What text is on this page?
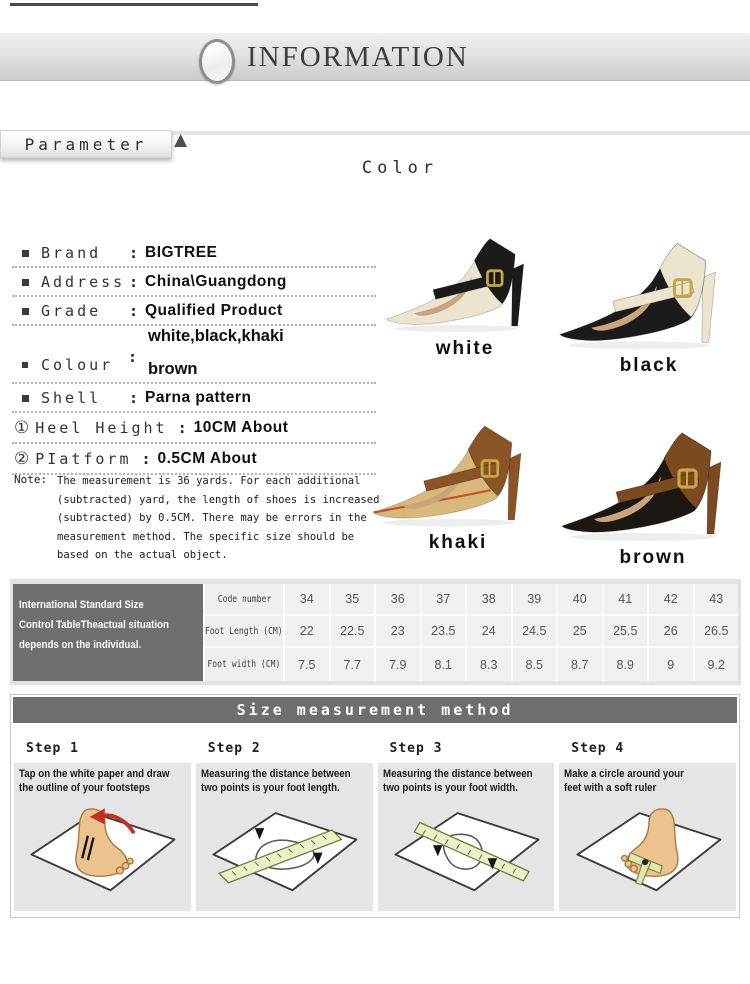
INFORMATION
Parameter
Color
Brand	: BIGTREE
Address : China\Guangdong
Grade	: Qualified Product
Colour :
white,black,khaki
brown
Shell	: Parna pattern
① Heel Height : 10CM About
② PIatform : 0.5CM About
Note: The measurement is 36 yards. For each additional
(subtracted) yard, the length of shoes is increased
(subtracted) by 0.5CM. There may be errors in the
measurement method. The specific size should be
based on the actual object.
white
black
khaki
brown
International Standard Size
Control TableTheactual situation
depends on the individual.
Code number	34	35	36	37	38	39	40	41	42	43
Foot Length (CM)	22	22.5	23	23.5	24	24.5	25	25.5	26	26.5
Foot width (CM)	7.5	7.7	7.9	8.1	8.3	8.5	8.7	8.9	9	9.2
Size measurement method
Step 1
Tap on the white paper and draw
the outline of your footsteps
Step 2
Measuring the distance between
two points is your foot length.
Step 3
Measuring the distance between
two points is your foot width.
Step 4
Make a circle around your
feet with a soft ruler
